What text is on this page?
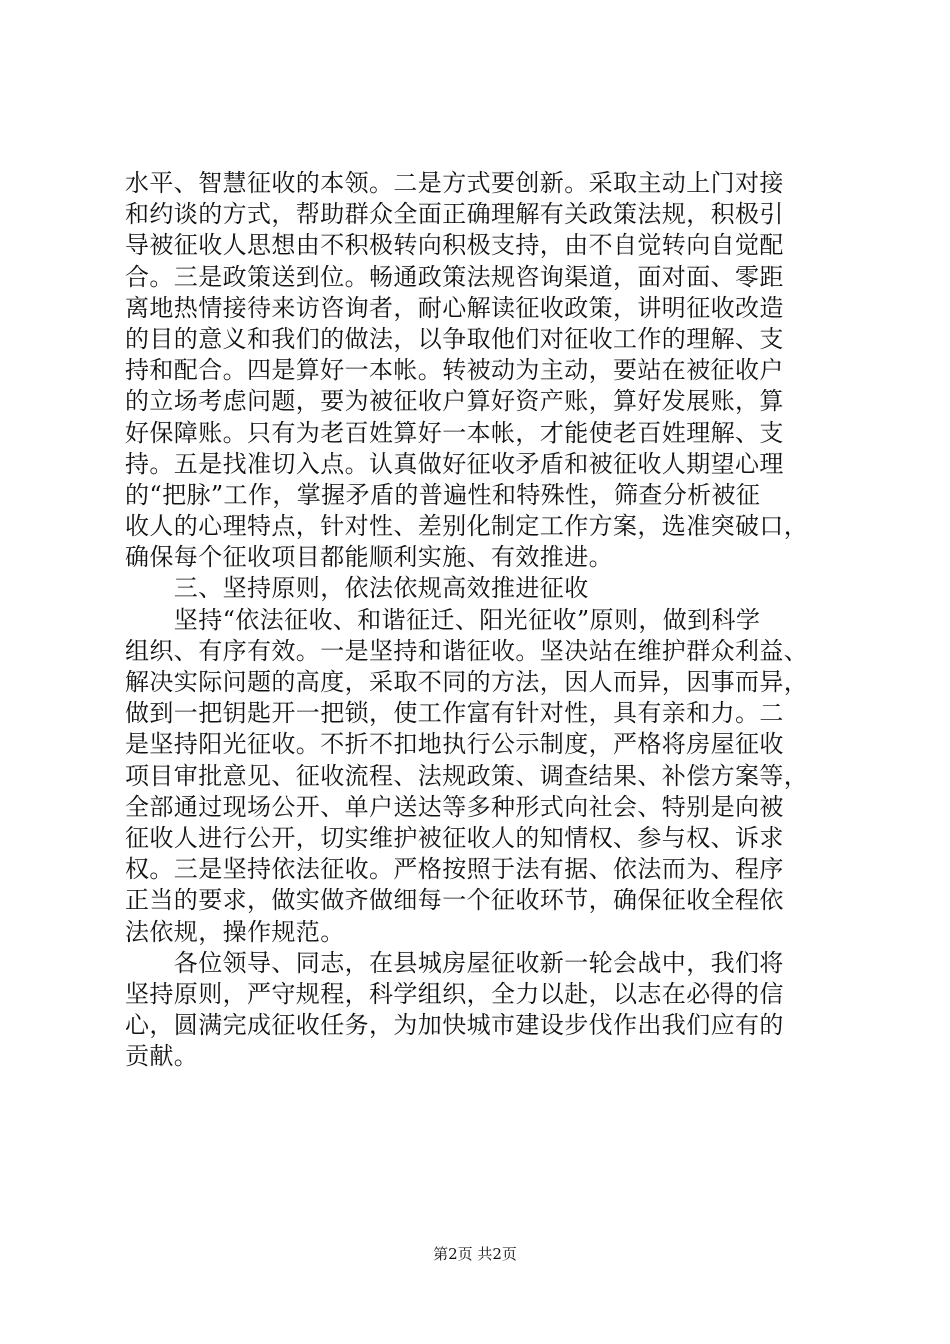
水平、智慧征收的本领。二是方式要创新。采取主动上门对接
和约谈的方式，帮助群众全面正确理解有关政策法规，积极引
导被征收人思想由不积极转向积极支持，由不自觉转向自觉配
合。三是政策送到位。畅通政策法规咨询渠道，面对面、零距
离地热情接待来访咨询者，耐心解读征收政策，讲明征收改造
的目的意义和我们的做法，以争取他们对征收工作的理解、支
持和配合。四是算好一本帐。转被动为主动，要站在被征收户
的立场考虑问题，要为被征收户算好资产账，算好发展账，算
好保障账。只有为老百姓算好一本帐，才能使老百姓理解、支
持。五是找准切入点。认真做好征收矛盾和被征收人期望心理
的“把脉”工作，掌握矛盾的普遍性和特殊性，筛查分析被征
收人的心理特点，针对性、差别化制定工作方案，选准突破口，
确保每个征收项目都能顺利实施、有效推进。
　　三、坚持原则，依法依规高效推进征收
　　坚持“依法征收、和谐征迁、阳光征收”原则，做到科学
组织、有序有效。一是坚持和谐征收。坚决站在维护群众利益、
解决实际问题的高度，采取不同的方法，因人而异，因事而异，
做到一把钥匙开一把锁，使工作富有针对性，具有亲和力。二
是坚持阳光征收。不折不扣地执行公示制度，严格将房屋征收
项目审批意见、征收流程、法规政策、调查结果、补偿方案等，
全部通过现场公开、单户送达等多种形式向社会、特别是向被
征收人进行公开，切实维护被征收人的知情权、参与权、诉求
权。三是坚持依法征收。严格按照于法有据、依法而为、程序
正当的要求，做实做齐做细每一个征收环节，确保征收全程依
法依规，操作规范。
　　各位领导、同志，在县城房屋征收新一轮会战中，我们将
坚持原则，严守规程，科学组织，全力以赴，以志在必得的信
心，圆满完成征收任务，为加快城市建设步伐作出我们应有的
贡献。
第2页 共2页
